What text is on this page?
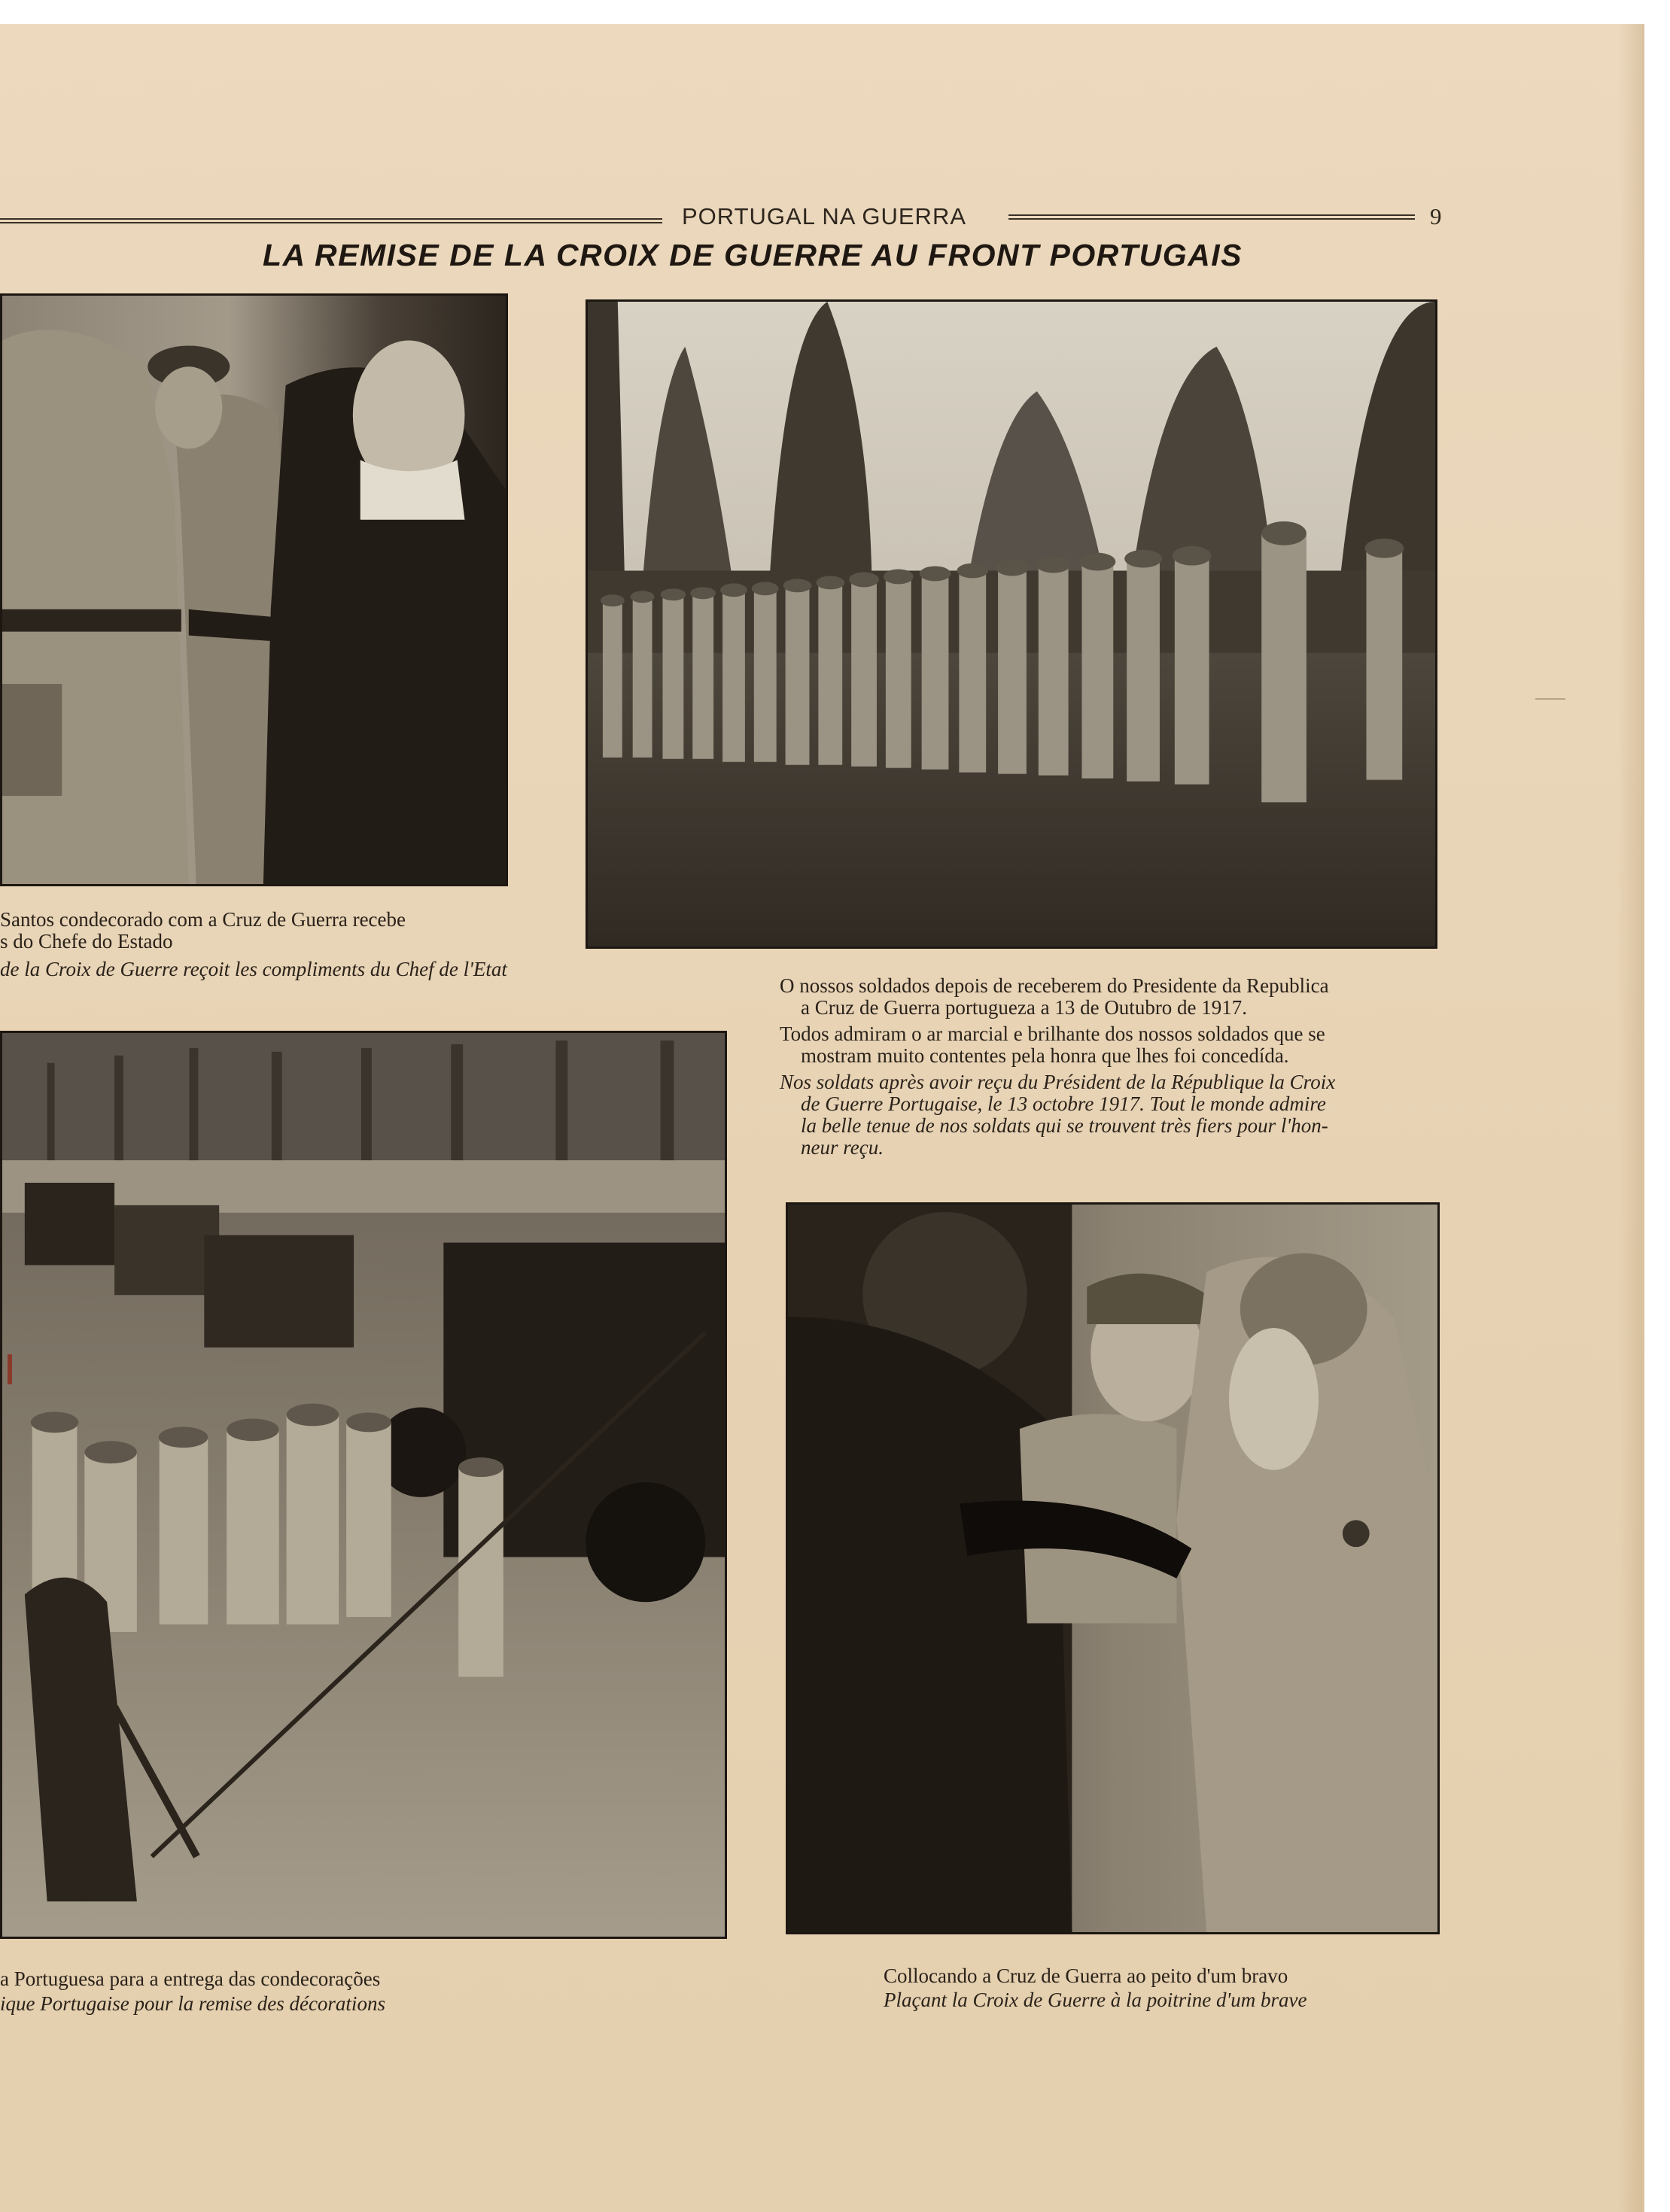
PORTUGAL NA GUERRA	9
LA REMISE DE LA CROIX DE GUERRE AU FRONT PORTUGAIS
Santos condecorado com a Cruz de Guerra recebe
s do Chefe do Estado
de la Croix de Guerre reçoit les compliments du Chef de l'Etat
O nossos soldados depois de receberem do Presidente da Republica
a Cruz de Guerra portugueza a 13 de Outubro de 1917.
Todos admiram o ar marcial e brilhante dos nossos soldados que se
mostram muito contentes pela honra que lhes foi concedída.
Nos soldats après avoir reçu du Président de la République la Croix
de Guerre Portugaise, le 13 octobre 1917. Tout le monde admire
la belle tenue de nos soldats qui se trouvent très fiers pour l'hon-
neur reçu.
a Portuguesa para a entrega das condecorações
ique Portugaise pour la remise des décorations
Collocando a Cruz de Guerra ao peito d'um bravo
Plaçant la Croix de Guerre à la poitrine d'um brave
